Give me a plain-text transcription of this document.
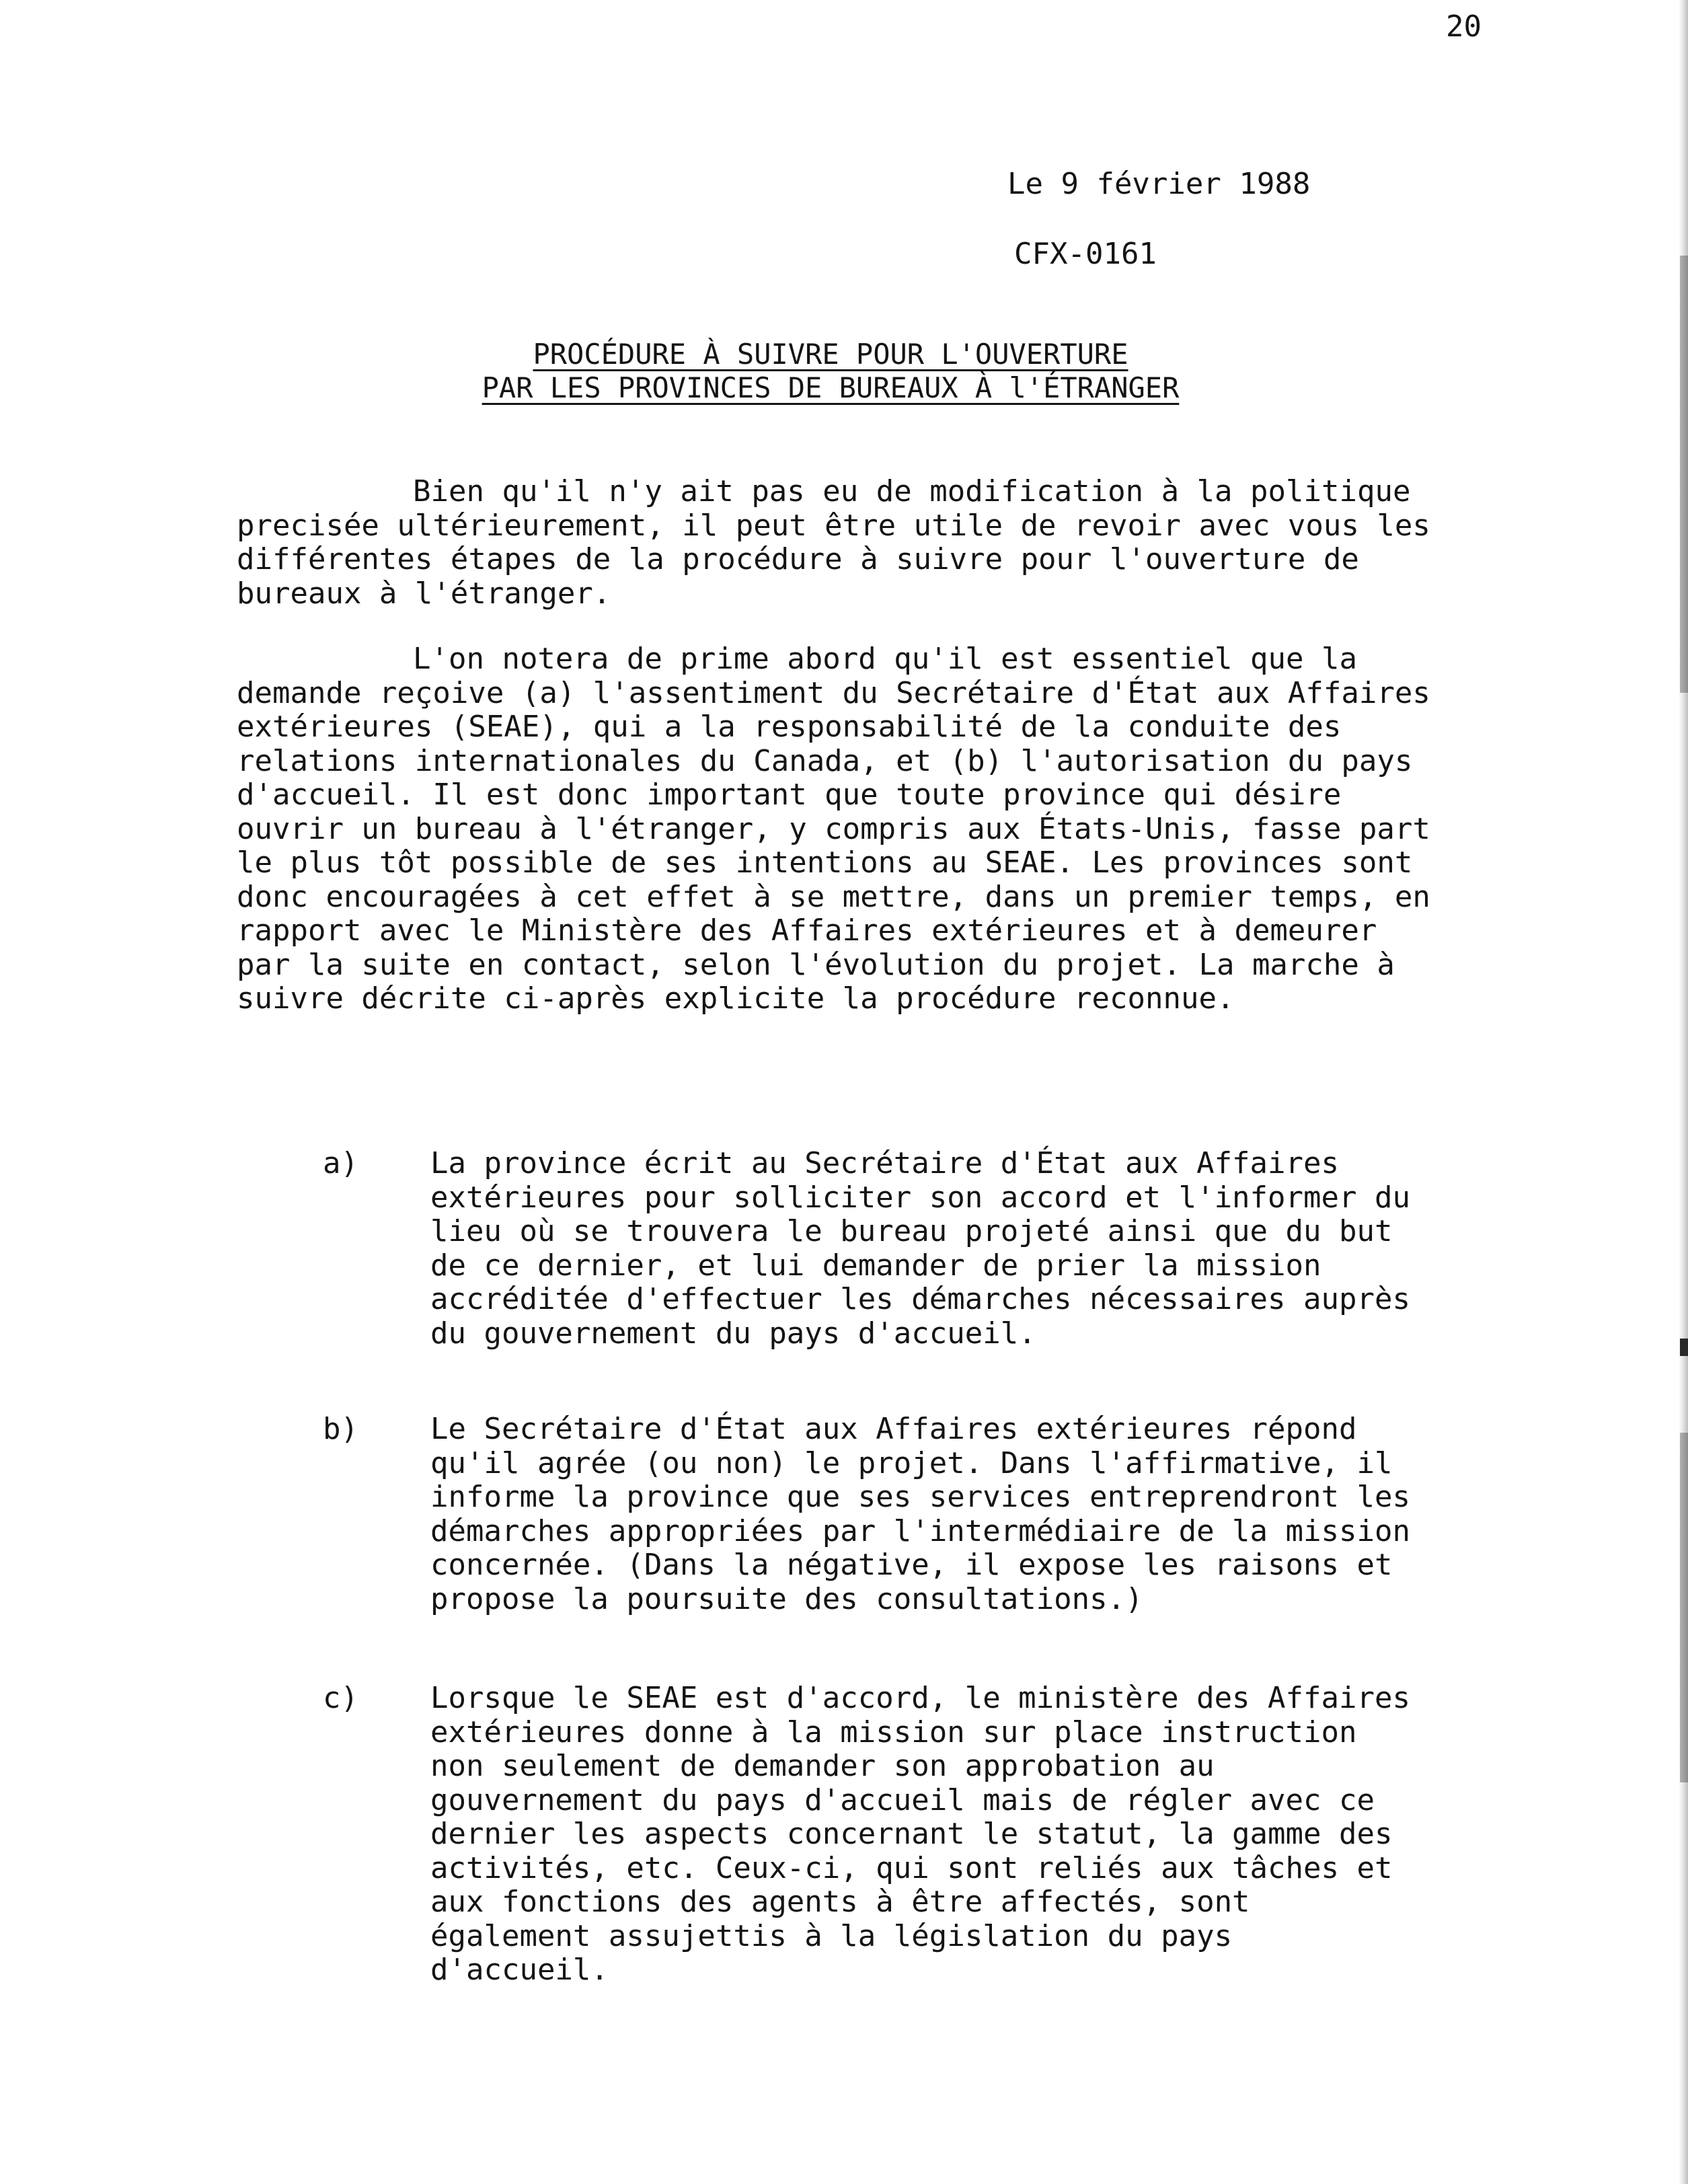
20
Le 9 février 1988
CFX-0161
PROCÉDURE À SUIVRE POUR L'OUVERTURE
PAR LES PROVINCES DE BUREAUX À l'ÉTRANGER

Bien qu'il n'y ait pas eu de modification à la politique precisée ultérieurement, il peut être utile de revoir avec vous les différentes étapes de la procédure à suivre pour l'ouverture de bureaux à l'étranger.

L'on notera de prime abord qu'il est essentiel que la demande reçoive (a) l'assentiment du Secrétaire d'État aux Affaires extérieures (SEAE), qui a la responsabilité de la conduite des relations internationales du Canada, et (b) l'autorisation du pays d'accueil. Il est donc important que toute province qui désire ouvrir un bureau à l'étranger, y compris aux États-Unis, fasse part le plus tôt possible de ses intentions au SEAE. Les provinces sont donc encouragées à cet effet à se mettre, dans un premier temps, en rapport avec le Ministère des Affaires extérieures et à demeurer par la suite en contact, selon l'évolution du projet. La marche à suivre décrite ci-après explicite la procédure reconnue.

a) La province écrit au Secrétaire d'État aux Affaires extérieures pour solliciter son accord et l'informer du lieu où se trouvera le bureau projeté ainsi que du but de ce dernier, et lui demander de prier la mission accréditée d'effectuer les démarches nécessaires auprès du gouvernement du pays d'accueil.

b) Le Secrétaire d'État aux Affaires extérieures répond qu'il agrée (ou non) le projet. Dans l'affirmative, il informe la province que ses services entreprendront les démarches appropriées par l'intermédiaire de la mission concernée. (Dans la négative, il expose les raisons et propose la poursuite des consultations.)

c) Lorsque le SEAE est d'accord, le ministère des Affaires extérieures donne à la mission sur place instruction non seulement de demander son approbation au gouvernement du pays d'accueil mais de régler avec ce dernier les aspects concernant le statut, la gamme des activités, etc. Ceux-ci, qui sont reliés aux tâches et aux fonctions des agents à être affectés, sont également assujettis à la législation du pays d'accueil.
